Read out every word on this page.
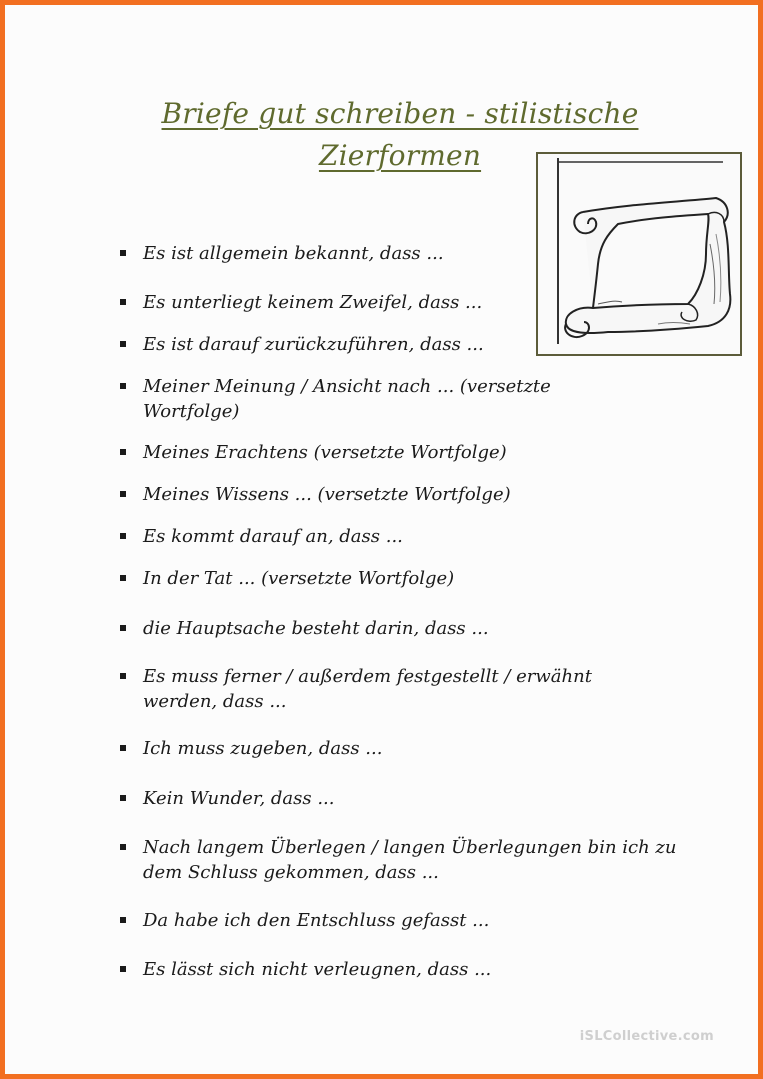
Briefe gut schreiben - stilistische
Zierformen
Es ist allgemein bekannt, dass ...
Es unterliegt keinem Zweifel, dass ...
Es ist darauf zurückzuführen, dass ...
Meiner Meinung / Ansicht nach ... (versetzte Wortfolge)
Meines Erachtens (versetzte Wortfolge)
Meines Wissens ... (versetzte Wortfolge)
Es kommt darauf an, dass ...
In der Tat ... (versetzte Wortfolge)
die Hauptsache besteht darin, dass ...
Es muss ferner / außerdem festgestellt / erwähnt werden, dass ...
Ich muss zugeben, dass ...
Kein Wunder, dass ...
Nach langem Überlegen / langen Überlegungen bin ich zu dem Schluss gekommen, dass ...
Da habe ich den Entschluss gefasst ...
Es lässt sich nicht verleugnen, dass ...
iSLCollective.com
